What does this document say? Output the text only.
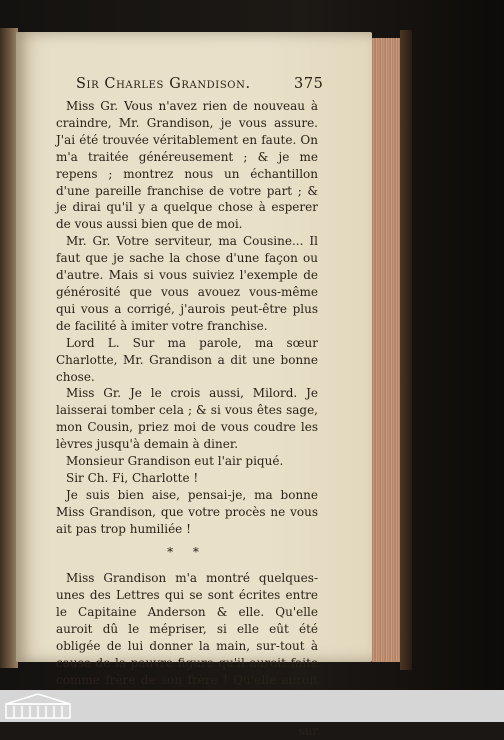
Sir Charles Grandison.	375

Miss Gr. Vous n'avez rien de nouveau à craindre, Mr. Grandison, je vous assure. J'ai été trouvée véritablement en faute. On m'a traitée généreusement ; & je me repens ; montrez nous un échantillon d'une pareille franchise de votre part ; & je dirai qu'il y a quelque chose à esperer de vous aussi bien que de moi.

Mr. Gr. Votre serviteur, ma Cousine... Il faut que je sache la chose d'une façon ou d'autre. Mais si vous suiviez l'exemple de générosité que vous avouez vous-même qui vous a corrigé, j'aurois peut-être plus de facilité à imiter votre franchise.

Lord L. Sur ma parole, ma sœur Charlotte, Mr. Grandison a dit une bonne chose.

Miss Gr. Je le crois aussi, Milord. Je laisserai tomber cela ; & si vous êtes sage, mon Cousin, priez moi de vous coudre les lèvres jusqu'à demain à diner.

Monsieur Grandison eut l'air piqué.

Sir Ch. Fi, Charlotte !

Je suis bien aise, pensai-je, ma bonne Miss Grandison, que votre procès ne vous ait pas trop humiliée !

* *

Miss Grandison m'a montré quelques-unes des Lettres qui se sont écrites entre le Capitaine Anderson & elle. Qu'elle auroit dû le mépriser, si elle eût été obligée de lui donner la main, sur-tout à cause de la pauvre figure qu'il auroit faite comme frère de son frère ! Qu'elle auroit

sur
